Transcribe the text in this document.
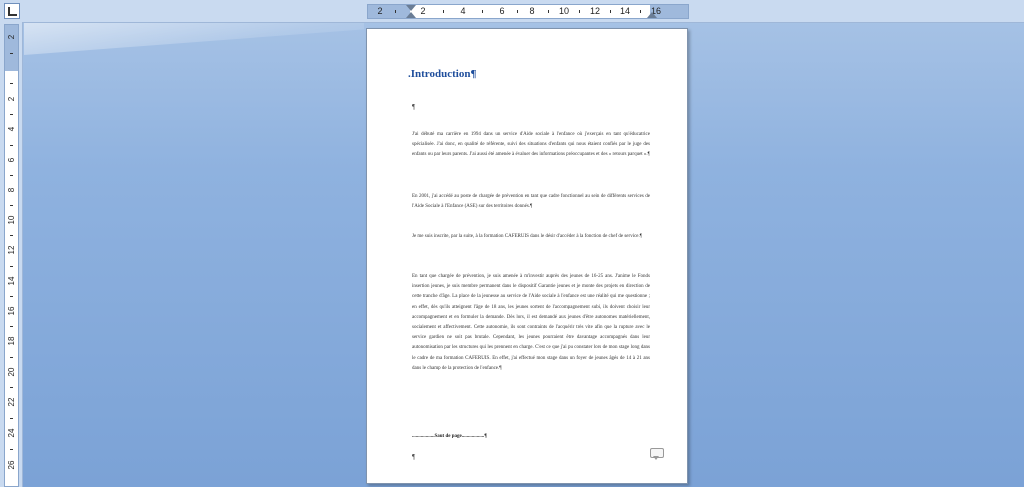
2	2	4	6	8	10 12 14 16
2
2
4
6
8
10
12
14
16
18
20
22
24
26
.Introduction¶
¶
J'ai débuté ma carrière en 1994 dans un service d'Aide sociale à l'enfance où j'exerçais en tant qu'éducatrice spécialisée. J'ai donc, en qualité de référente, suivi des situations d'enfants qui nous étaient confiés par le juge des enfants ou par leurs parents. J'ai aussi été amenée à évaluer des informations préoccupantes et des « retours parquet ».¶
En 2001, j'ai accédé au poste de chargée de prévention en tant que cadre fonctionnel au sein de différents services de l'Aide Sociale à l'Enfance (ASE) sur des territoires donnés.¶
Je me suis inscrite, par la suite, à la formation CAFERUIS dans le désir d'accéder à la fonction de chef de service.¶
En tant que chargée de prévention, je suis amenée à m'investir auprès des jeunes de 16-25 ans. J'anime le Fonds insertion jeunes, je suis membre permanent dans le dispositif Garantie jeunes et je monte des projets en direction de cette tranche d'âge. La place de la jeunesse au service de l'Aide sociale à l'enfance est une réalité qui me questionne ; en effet, dès qu'ils atteignent l'âge de 18 ans, les jeunes sortent de l'accompagnement subi, ils doivent choisir leur accompagnement et en formuler la demande. Dès lors, il est demandé aux jeunes d'être autonomes matériellement, socialement et affectivement. Cette autonomie, ils sont contraints de l'acquérir très vite afin que la rupture avec le service gardien ne soit pas brutale. Cependant, les jeunes pourraient être davantage accompagnés dans leur autonomisation par les structures qui les prennent en charge. C'est ce que j'ai pu constater lors de mon stage long dans le cadre de ma formation CAFERUIS. En effet, j'ai effectué mon stage dans un foyer de jeunes âgés de 14 à 21 ans dans le champ de la protection de l'enfance.¶
..................Saut de page..................¶
¶
